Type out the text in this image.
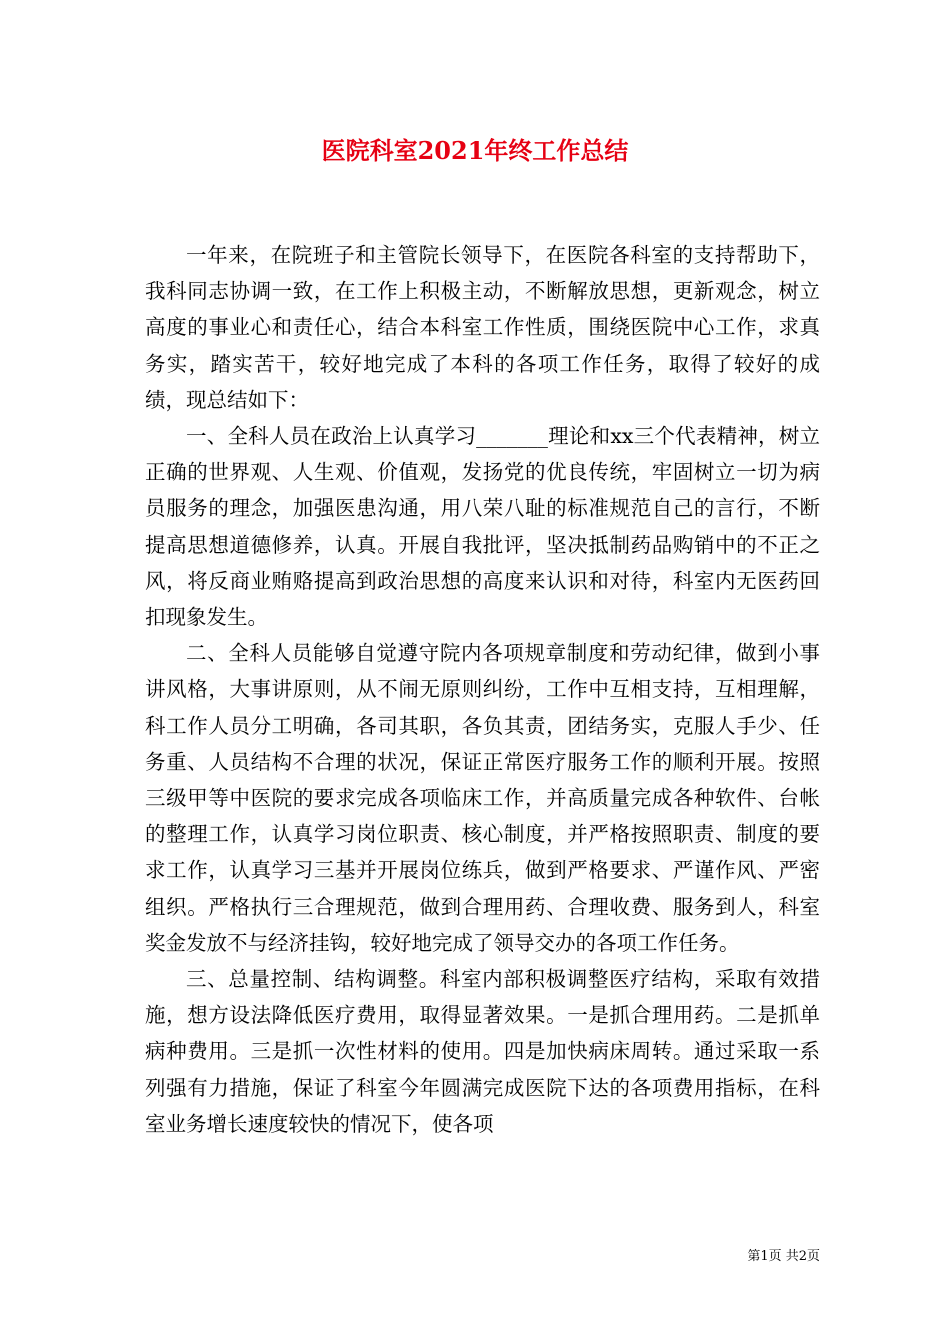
医院科室2021年终工作总结

一年来，在院班子和主管院长领导下，在医院各科室的支持帮助下，我科同志协调一致，在工作上积极主动，不断解放思想，更新观念，树立高度的事业心和责任心，结合本科室工作性质，围绕医院中心工作，求真务实，踏实苦干，较好地完成了本科的各项工作任务，取得了较好的成绩，现总结如下：

一、全科人员在政治上认真学习_______理论和xx三个代表精神，树立正确的世界观、人生观、价值观，发扬党的优良传统，牢固树立一切为病员服务的理念，加强医患沟通，用八荣八耻的标准规范自己的言行，不断提高思想道德修养，认真。开展自我批评，坚决抵制药品购销中的不正之风，将反商业贿赂提高到政治思想的高度来认识和对待，科室内无医药回扣现象发生。

二、全科人员能够自觉遵守院内各项规章制度和劳动纪律，做到小事讲风格，大事讲原则，从不闹无原则纠纷，工作中互相支持，互相理解，科工作人员分工明确，各司其职，各负其责，团结务实，克服人手少、任务重、人员结构不合理的状况，保证正常医疗服务工作的顺利开展。按照三级甲等中医院的要求完成各项临床工作，并高质量完成各种软件、台帐的整理工作，认真学习岗位职责、核心制度，并严格按照职责、制度的要求工作，认真学习三基并开展岗位练兵，做到严格要求、严谨作风、严密组织。严格执行三合理规范，做到合理用药、合理收费、服务到人，科室奖金发放不与经济挂钩，较好地完成了领导交办的各项工作任务。

三、总量控制、结构调整。科室内部积极调整医疗结构，采取有效措施，想方设法降低医疗费用，取得显著效果。一是抓合理用药。二是抓单病种费用。三是抓一次性材料的使用。四是加快病床周转。通过采取一系列强有力措施，保证了科室今年圆满完成医院下达的各项费用指标，在科室业务增长速度较快的情况下，使各项

第1页 共2页
